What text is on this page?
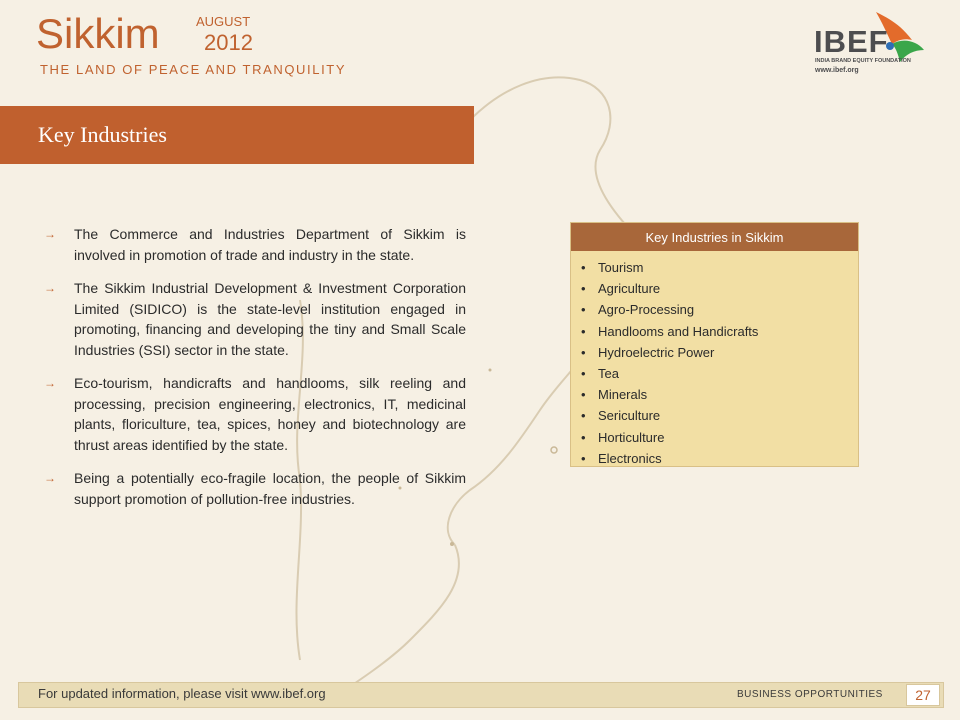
Sikkim	AUGUST
2012
THE LAND OF PEACE AND TRANQUILITY
IBEF
INDIA BRAND EQUITY FOUNDATION
www.ibef.org
Key Industries
→ The Commerce and Industries Department of Sikkim is involved in promotion of trade and industry in the state.
→ The Sikkim Industrial Development & Investment Corporation Limited (SIDICO) is the state-level institution engaged in promoting, financing and developing the tiny and Small Scale Industries (SSI) sector in the state.
→ Eco-tourism, handicrafts and handlooms, silk reeling and processing, precision engineering, electronics, IT, medicinal plants, floriculture, tea, spices, honey and biotechnology are thrust areas identified by the state.
→ Being a potentially eco-fragile location, the people of Sikkim support promotion of pollution-free industries.
Key Industries in Sikkim
• Tourism
• Agriculture
• Agro-Processing
• Handlooms and Handicrafts
• Hydroelectric Power
• Tea
• Minerals
• Sericulture
• Horticulture
• Electronics
For updated information, please visit www.ibef.org	BUSINESS OPPORTUNITIES	27
